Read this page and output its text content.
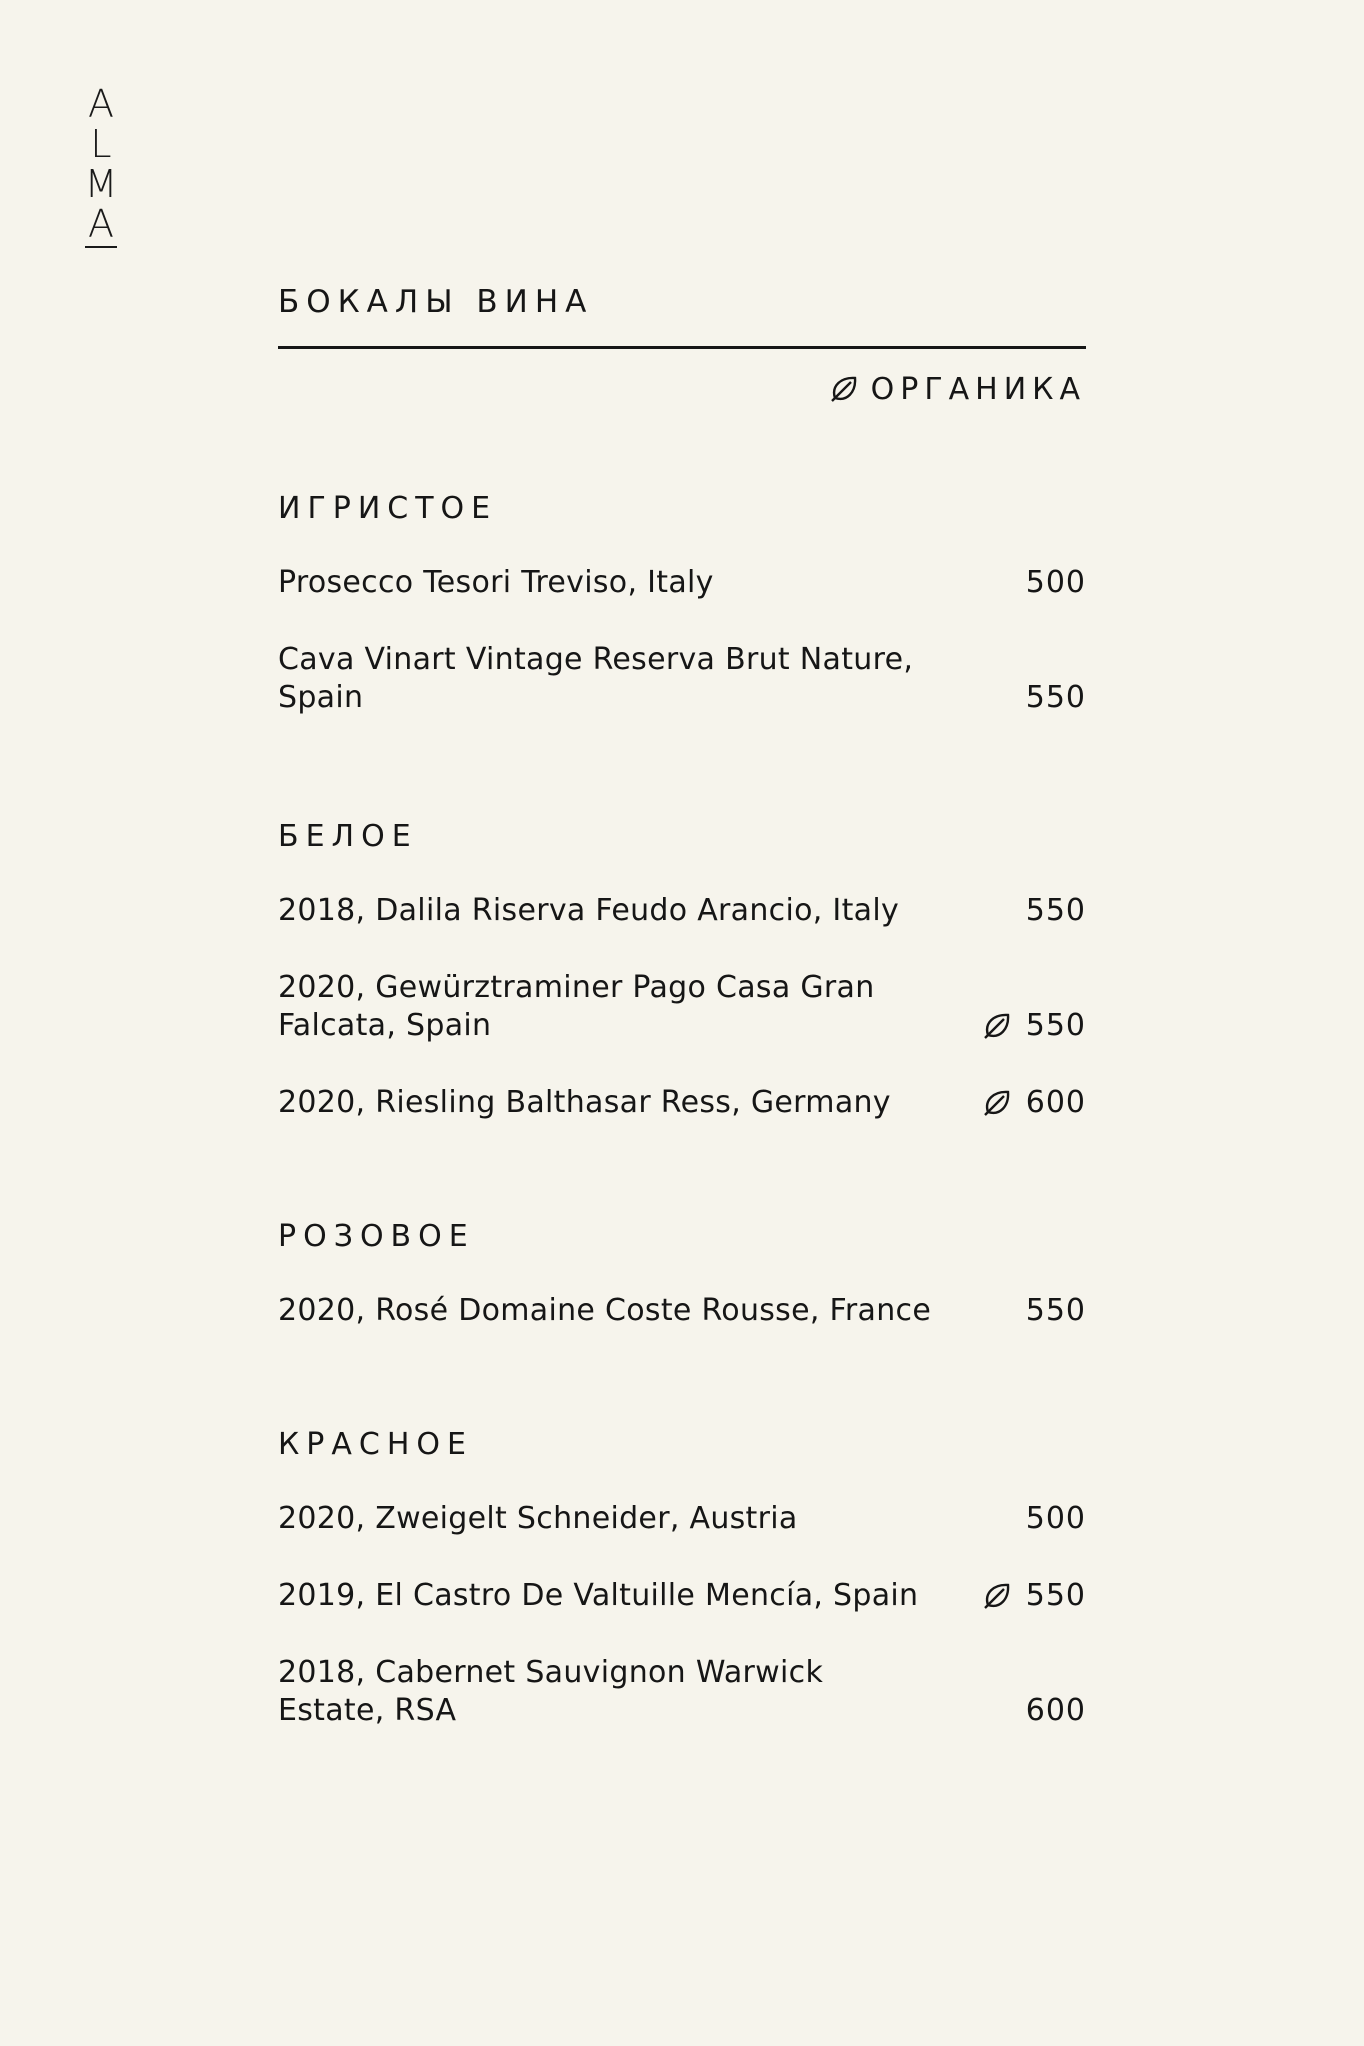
A
L
M
A
БОКАЛЫ ВИНА
ОРГАНИКА
ИГРИСТОЕ
Prosecco Tesori Treviso, Italy	500
Cava Vinart Vintage Reserva Brut Nature, Spain	550
БЕЛОЕ
2018, Dalila Riserva Feudo Arancio, Italy	550
2020, Gewürztraminer Pago Casa Gran Falcata, Spain	550
2020, Riesling Balthasar Ress, Germany	600
РОЗОВОЕ
2020, Rosé Domaine Coste Rousse, France	550
КРАСНОЕ
2020, Zweigelt Schneider, Austria	500
2019, El Castro De Valtuille Mencía, Spain	550
2018, Cabernet Sauvignon Warwick Estate, RSA	600
